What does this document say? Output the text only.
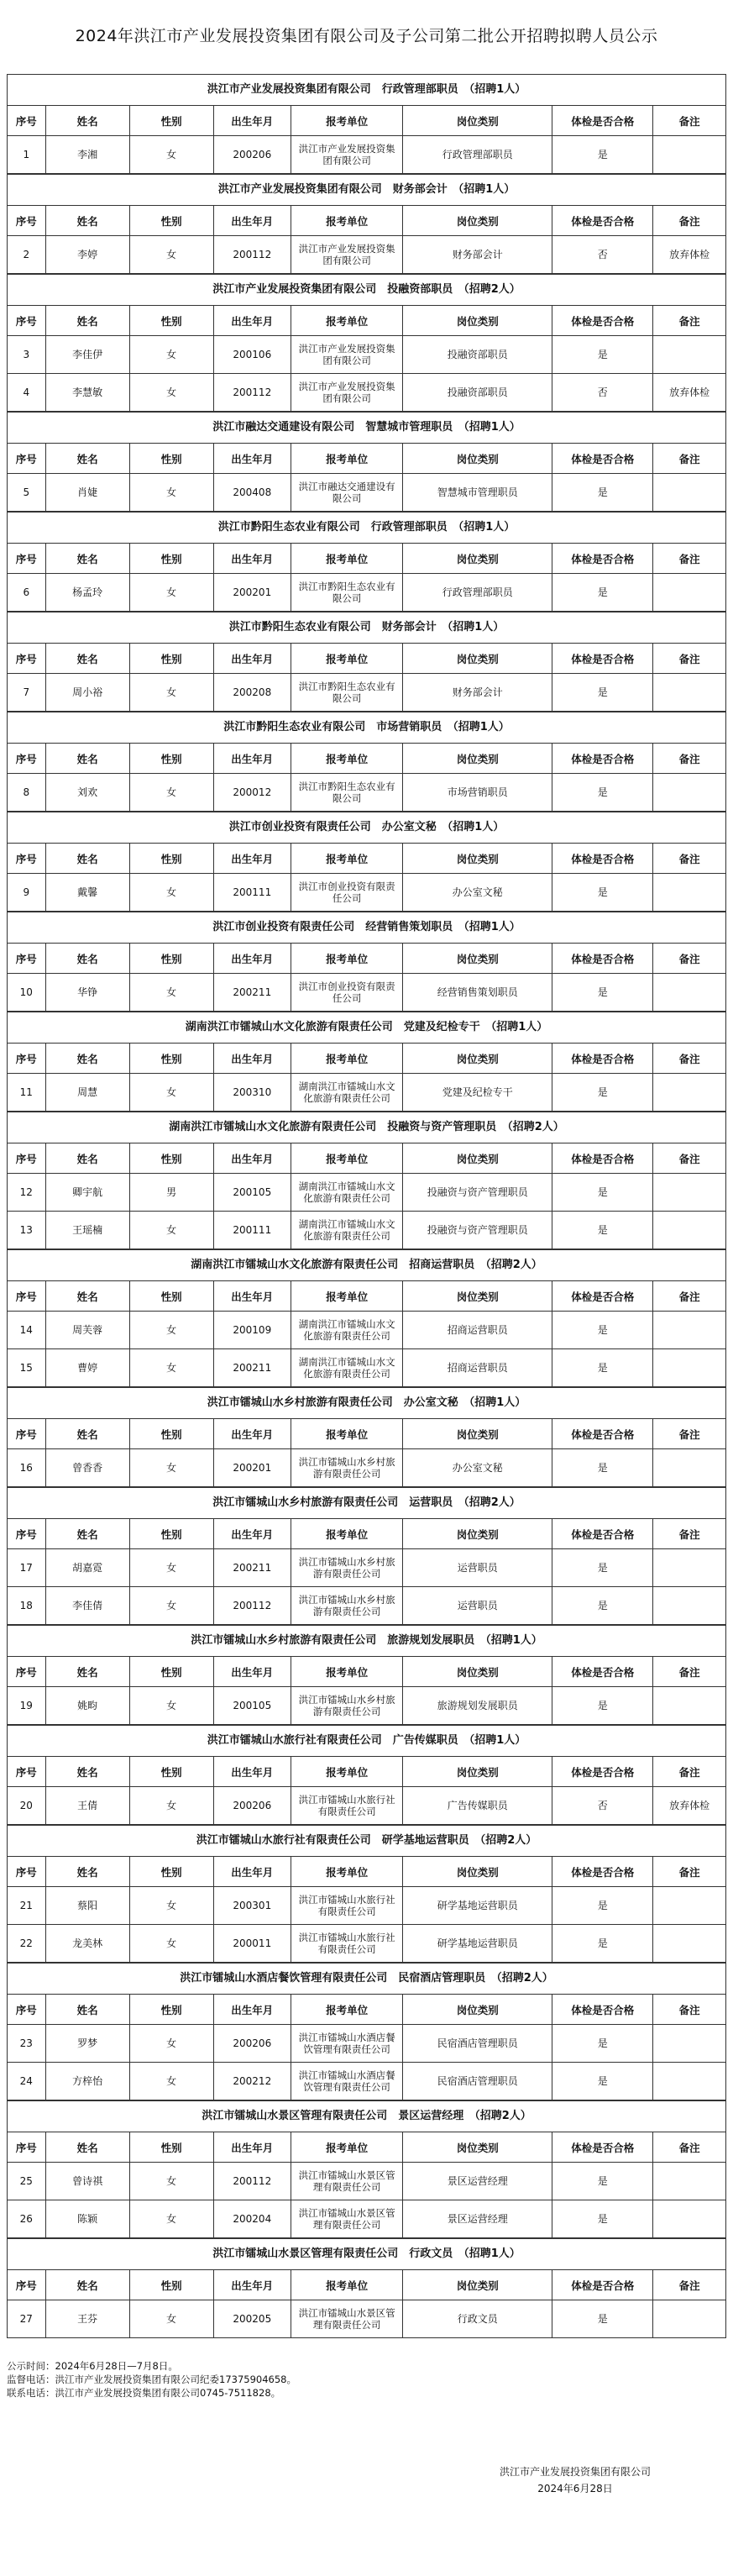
2024年洪江市产业发展投资集团有限公司及子公司第二批公开招聘拟聘人员公示
洪江市产业发展投资集团有限公司　行政管理部职员　（招聘1人）
序号	姓名	性别	出生年月	报考单位	岗位类别	体检是否合格	备注
1	李湘	女	200206	洪江市产业发展投资集团有限公司	行政管理部职员	是	
洪江市产业发展投资集团有限公司　财务部会计　（招聘1人）
序号	姓名	性别	出生年月	报考单位	岗位类别	体检是否合格	备注
2	李婷	女	200112	洪江市产业发展投资集团有限公司	财务部会计	否	放弃体检
洪江市产业发展投资集团有限公司　投融资部职员　（招聘2人）
序号	姓名	性别	出生年月	报考单位	岗位类别	体检是否合格	备注
3	李佳伊	女	200106	洪江市产业发展投资集团有限公司	投融资部职员	是	
4	李慧敏	女	200112	洪江市产业发展投资集团有限公司	投融资部职员	否	放弃体检
洪江市融达交通建设有限公司　智慧城市管理职员　（招聘1人）
序号	姓名	性别	出生年月	报考单位	岗位类别	体检是否合格	备注
5	肖婕	女	200408	洪江市融达交通建设有限公司	智慧城市管理职员	是	
洪江市黔阳生态农业有限公司　行政管理部职员　（招聘1人）
序号	姓名	性别	出生年月	报考单位	岗位类别	体检是否合格	备注
6	杨孟玲	女	200201	洪江市黔阳生态农业有限公司	行政管理部职员	是	
洪江市黔阳生态农业有限公司　财务部会计　（招聘1人）
序号	姓名	性别	出生年月	报考单位	岗位类别	体检是否合格	备注
7	周小裕	女	200208	洪江市黔阳生态农业有限公司	财务部会计	是	
洪江市黔阳生态农业有限公司　市场营销职员　（招聘1人）
序号	姓名	性别	出生年月	报考单位	岗位类别	体检是否合格	备注
8	刘欢	女	200012	洪江市黔阳生态农业有限公司	市场营销职员	是	
洪江市创业投资有限责任公司　办公室文秘　（招聘1人）
序号	姓名	性别	出生年月	报考单位	岗位类别	体检是否合格	备注
9	戴馨	女	200111	洪江市创业投资有限责任公司	办公室文秘	是	
洪江市创业投资有限责任公司　经营销售策划职员　（招聘1人）
序号	姓名	性别	出生年月	报考单位	岗位类别	体检是否合格	备注
10	华铮	女	200211	洪江市创业投资有限责任公司	经营销售策划职员	是	
湖南洪江市镭城山水文化旅游有限责任公司　党建及纪检专干　（招聘1人）
序号	姓名	性别	出生年月	报考单位	岗位类别	体检是否合格	备注
11	周慧	女	200310	湖南洪江市镭城山水文化旅游有限责任公司	党建及纪检专干	是	
湖南洪江市镭城山水文化旅游有限责任公司　投融资与资产管理职员　（招聘2人）
序号	姓名	性别	出生年月	报考单位	岗位类别	体检是否合格	备注
12	卿宇航	男	200105	湖南洪江市镭城山水文化旅游有限责任公司	投融资与资产管理职员	是	
13	王瑶楠	女	200111	湖南洪江市镭城山水文化旅游有限责任公司	投融资与资产管理职员	是	
湖南洪江市镭城山水文化旅游有限责任公司　招商运营职员　（招聘2人）
序号	姓名	性别	出生年月	报考单位	岗位类别	体检是否合格	备注
14	周芙蓉	女	200109	湖南洪江市镭城山水文化旅游有限责任公司	招商运营职员	是	
15	曹婷	女	200211	湖南洪江市镭城山水文化旅游有限责任公司	招商运营职员	是	
洪江市镭城山水乡村旅游有限责任公司　办公室文秘　（招聘1人）
序号	姓名	性别	出生年月	报考单位	岗位类别	体检是否合格	备注
16	曾香香	女	200201	洪江市镭城山水乡村旅游有限责任公司	办公室文秘	是	
洪江市镭城山水乡村旅游有限责任公司　运营职员　（招聘2人）
序号	姓名	性别	出生年月	报考单位	岗位类别	体检是否合格	备注
17	胡嘉霓	女	200211	洪江市镭城山水乡村旅游有限责任公司	运营职员	是	
18	李佳倩	女	200112	洪江市镭城山水乡村旅游有限责任公司	运营职员	是	
洪江市镭城山水乡村旅游有限责任公司　旅游规划发展职员　（招聘1人）
序号	姓名	性别	出生年月	报考单位	岗位类别	体检是否合格	备注
19	姚畇	女	200105	洪江市镭城山水乡村旅游有限责任公司	旅游规划发展职员	是	
洪江市镭城山水旅行社有限责任公司　广告传媒职员　（招聘1人）
序号	姓名	性别	出生年月	报考单位	岗位类别	体检是否合格	备注
20	王倩	女	200206	洪江市镭城山水旅行社有限责任公司	广告传媒职员	否	放弃体检
洪江市镭城山水旅行社有限责任公司　研学基地运营职员　（招聘2人）
序号	姓名	性别	出生年月	报考单位	岗位类别	体检是否合格	备注
21	蔡阳	女	200301	洪江市镭城山水旅行社有限责任公司	研学基地运营职员	是	
22	龙美林	女	200011	洪江市镭城山水旅行社有限责任公司	研学基地运营职员	是	
洪江市镭城山水酒店餐饮管理有限责任公司　民宿酒店管理职员　（招聘2人）
序号	姓名	性别	出生年月	报考单位	岗位类别	体检是否合格	备注
23	罗梦	女	200206	洪江市镭城山水酒店餐饮管理有限责任公司	民宿酒店管理职员	是	
24	方梓怡	女	200212	洪江市镭城山水酒店餐饮管理有限责任公司	民宿酒店管理职员	是	
洪江市镭城山水景区管理有限责任公司　景区运营经理　（招聘2人）
序号	姓名	性别	出生年月	报考单位	岗位类别	体检是否合格	备注
25	曾诗祺	女	200112	洪江市镭城山水景区管理有限责任公司	景区运营经理	是	
26	陈颖	女	200204	洪江市镭城山水景区管理有限责任公司	景区运营经理	是	
洪江市镭城山水景区管理有限责任公司　行政文员　（招聘1人）
序号	姓名	性别	出生年月	报考单位	岗位类别	体检是否合格	备注
27	王芬	女	200205	洪江市镭城山水景区管理有限责任公司	行政文员	是	
公示时间：2024年6月28日—7月8日。
监督电话：洪江市产业发展投资集团有限公司纪委17375904658。
联系电话：洪江市产业发展投资集团有限公司0745-7511828。
洪江市产业发展投资集团有限公司
2024年6月28日
